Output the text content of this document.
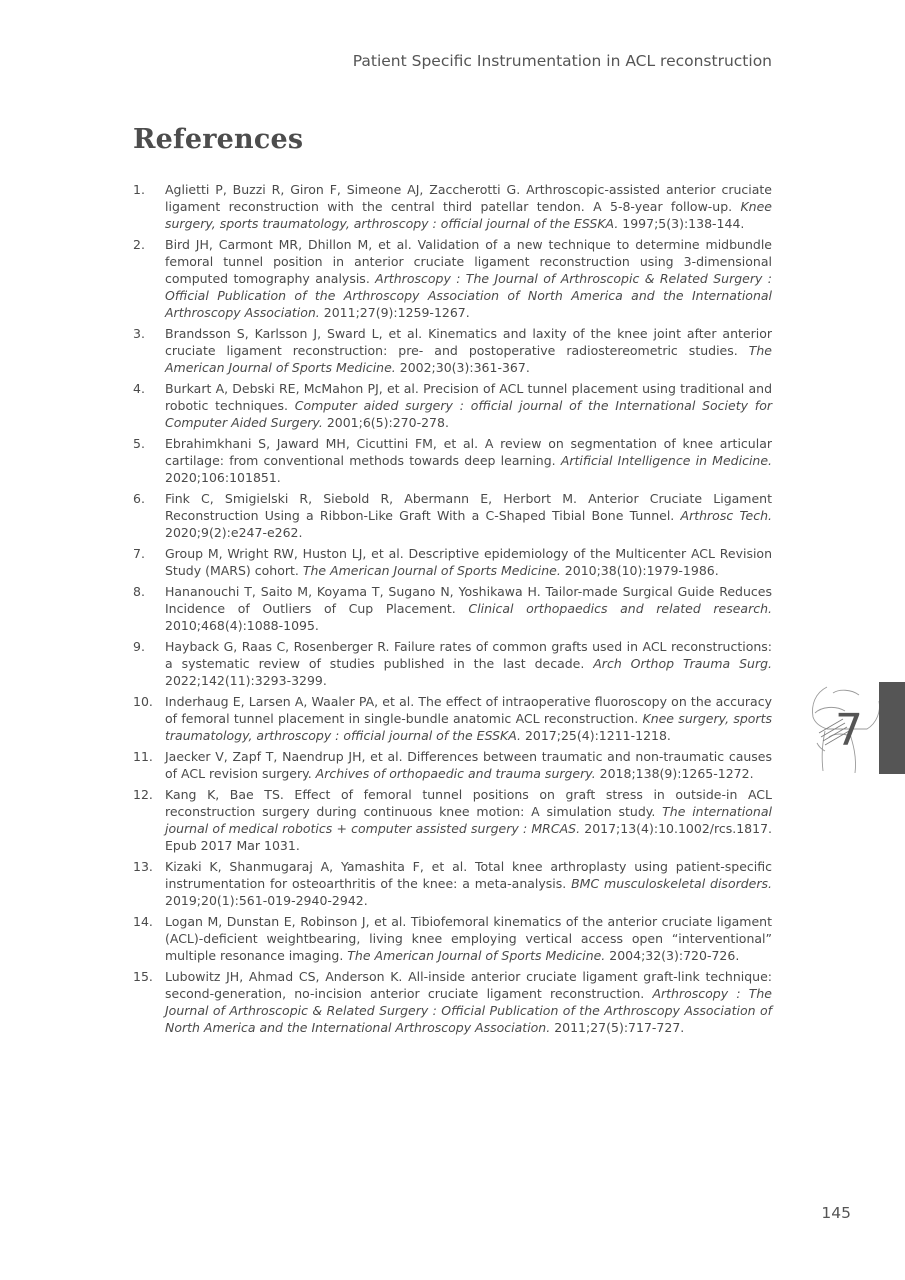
Patient Specific Instrumentation in ACL reconstruction
References
1. Aglietti P, Buzzi R, Giron F, Simeone AJ, Zaccherotti G. Arthroscopic-assisted anterior cruciate ligament reconstruction with the central third patellar tendon. A 5-8-year follow-up. Knee surgery, sports traumatology, arthroscopy : official journal of the ESSKA. 1997;5(3):138-144.
2. Bird JH, Carmont MR, Dhillon M, et al. Validation of a new technique to determine midbundle femoral tunnel position in anterior cruciate ligament reconstruction using 3-dimensional computed tomography analysis. Arthroscopy : The Journal of Arthroscopic & Related Surgery : Official Publication of the Arthroscopy Association of North America and the International Arthroscopy Association. 2011;27(9):1259-1267.
3. Brandsson S, Karlsson J, Sward L, et al. Kinematics and laxity of the knee joint after anterior cruciate ligament reconstruction: pre- and postoperative radiostereometric studies. The American Journal of Sports Medicine. 2002;30(3):361-367.
4. Burkart A, Debski RE, McMahon PJ, et al. Precision of ACL tunnel placement using traditional and robotic techniques. Computer aided surgery : official journal of the International Society for Computer Aided Surgery. 2001;6(5):270-278.
5. Ebrahimkhani S, Jaward MH, Cicuttini FM, et al. A review on segmentation of knee articular cartilage: from conventional methods towards deep learning. Artificial Intelligence in Medicine. 2020;106:101851.
6. Fink C, Smigielski R, Siebold R, Abermann E, Herbort M. Anterior Cruciate Ligament Reconstruction Using a Ribbon-Like Graft With a C-Shaped Tibial Bone Tunnel. Arthrosc Tech. 2020;9(2):e247-e262.
7. Group M, Wright RW, Huston LJ, et al. Descriptive epidemiology of the Multicenter ACL Revision Study (MARS) cohort. The American Journal of Sports Medicine. 2010;38(10):1979-1986.
8. Hananouchi T, Saito M, Koyama T, Sugano N, Yoshikawa H. Tailor-made Surgical Guide Reduces Incidence of Outliers of Cup Placement. Clinical orthopaedics and related research. 2010;468(4):1088-1095.
9. Hayback G, Raas C, Rosenberger R. Failure rates of common grafts used in ACL reconstructions: a systematic review of studies published in the last decade. Arch Orthop Trauma Surg. 2022;142(11):3293-3299.
10. Inderhaug E, Larsen A, Waaler PA, et al. The effect of intraoperative fluoroscopy on the accuracy of femoral tunnel placement in single-bundle anatomic ACL reconstruction. Knee surgery, sports traumatology, arthroscopy : official journal of the ESSKA. 2017;25(4):1211-1218.
11. Jaecker V, Zapf T, Naendrup JH, et al. Differences between traumatic and non-traumatic causes of ACL revision surgery. Archives of orthopaedic and trauma surgery. 2018;138(9):1265-1272.
12. Kang K, Bae TS. Effect of femoral tunnel positions on graft stress in outside-in ACL reconstruction surgery during continuous knee motion: A simulation study. The international journal of medical robotics + computer assisted surgery : MRCAS. 2017;13(4):10.1002/rcs.1817. Epub 2017 Mar 1031.
13. Kizaki K, Shanmugaraj A, Yamashita F, et al. Total knee arthroplasty using patient-specific instrumentation for osteoarthritis of the knee: a meta-analysis. BMC musculoskeletal disorders. 2019;20(1):561-019-2940-2942.
14. Logan M, Dunstan E, Robinson J, et al. Tibiofemoral kinematics of the anterior cruciate ligament (ACL)-deficient weightbearing, living knee employing vertical access open “interventional” multiple resonance imaging. The American Journal of Sports Medicine. 2004;32(3):720-726.
15. Lubowitz JH, Ahmad CS, Anderson K. All-inside anterior cruciate ligament graft-link technique: second-generation, no-incision anterior cruciate ligament reconstruction. Arthroscopy : The Journal of Arthroscopic & Related Surgery : Official Publication of the Arthroscopy Association of North America and the International Arthroscopy Association. 2011;27(5):717-727.
7
145
